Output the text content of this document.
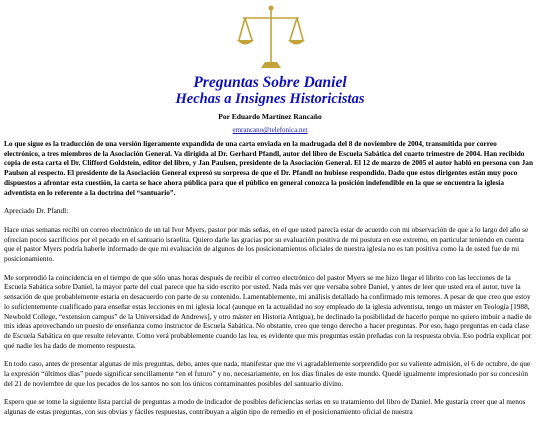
Preguntas Sobre Daniel
Hechas a Insignes Historicistas
Por Eduardo Martínez Rancaño
emrancano@telefonica.net

Lo que sigue es la traducción de una versión ligeramente expandida de una carta enviada en la madrugada del 8 de noviembre de 2004, transmitida por correo electrónico, a tres miembros de la Asociación General. Va dirigida al Dr. Gerhard Pfandl, autor del libro de Escuela Sabática del cuarto trimestre de 2004. Han recibido copia de esta carta el Dr. Clifford Goldstein, editor del libro, y Jan Paulsen, presidente de la Asociación General. El 12 de marzo de 2005 el autor habló en persona con Jan Paulsen al respecto. El presidente de la Asociación General expresó su sorpresa de que el Dr. Pfandl no hubiese respondido. Dado que estos dirigentes están muy poco dispuestos a afrontar esta cuestión, la carta se hace ahora pública para que el público en general conozca la posición indefendible en la que se encuentra la iglesia adventista en lo referente a la doctrina del “santuario”.

Apreciado Dr. Pfandl:

Hace unas semanas recibí un correo electrónico de un tal Ivor Myers, pastor por más señas, en el que usted parecía estar de acuerdo con mi observación de que a lo largo del año se ofrecían pocos sacrificios por el pecado en el santuario israelita. Quiero darle las gracias por su evaluación positiva de mi postura en ese extremo, en particular teniendo en cuenta que el pastor Myers podría haberle informado de que mi evaluación de algunos de los posicionamientos oficiales de nuestra iglesia no es tan positiva como la de usted fue de mi posicionamiento.

Me sorprendió la coincidencia en el tiempo de que sólo unas horas después de recibir el correo electrónico del pastor Myers se me hizo llegar el librito con las lecciones de la Escuela Sabática sobre Daniel, la mayor parte del cual parece que ha sido escrito por usted. Nada más ver que versaba sobre Daniel, y antes de leer que usted era el autor, tuve la sensación de que probablemente estaría en desacuerdo con parte de su contenido. Lamentablemente, mi análisis detallado ha confirmado mis temores. A pesar de que creo que estoy lo suficientemente cualificado para enseñar estas lecciones en mi iglesia local (aunque en la actualidad no soy empleado de la iglesia adventista, tengo un máster en Teología [1988, Newbold College, “extension campus” de la Universidad de Andrews], y otro máster en Historia Antigua), he declinado la posibilidad de hacerlo porque no quiero imbuir a nadie de mis ideas aprovechando un puesto de enseñanza como instructor de Escuela Sabática. No obstante, creo que tengo derecho a hacer preguntas. Por eso, hago preguntas en cada clase de Escuela Sabática en que resulte relevante. Como verá probablemente cuando las lea, es evidente que mis preguntas están preñadas con la respuesta obvia. Eso podría explicar por qué nadie les ha dado de momento respuesta.

En todo caso, antes de presentar algunas de mis preguntas, debo, antes que nada, manifestar que me vi agradablemente sorprendido por su valiente admisión, el 6 de octubre, de que la expresión “últimos días” puede significar sencillamente “en el futuro” y no, necesariamente, en los días finales de este mundo. Quedé igualmente impresionado por su concesión del 21 de noviembre de que los pecados de los santos no son los únicos contaminantes posibles del santuario divino.

Espero que se tome la siguiente lista parcial de preguntas a modo de indicador de posibles deficiencias serias en su tratamiento del libro de Daniel. Me gustaría creer que al menos algunas de estas preguntas, con sus obvias y fáciles respuestas, contribuyan a algún tipo de remedio en el posicionamiento oficial de nuestra
